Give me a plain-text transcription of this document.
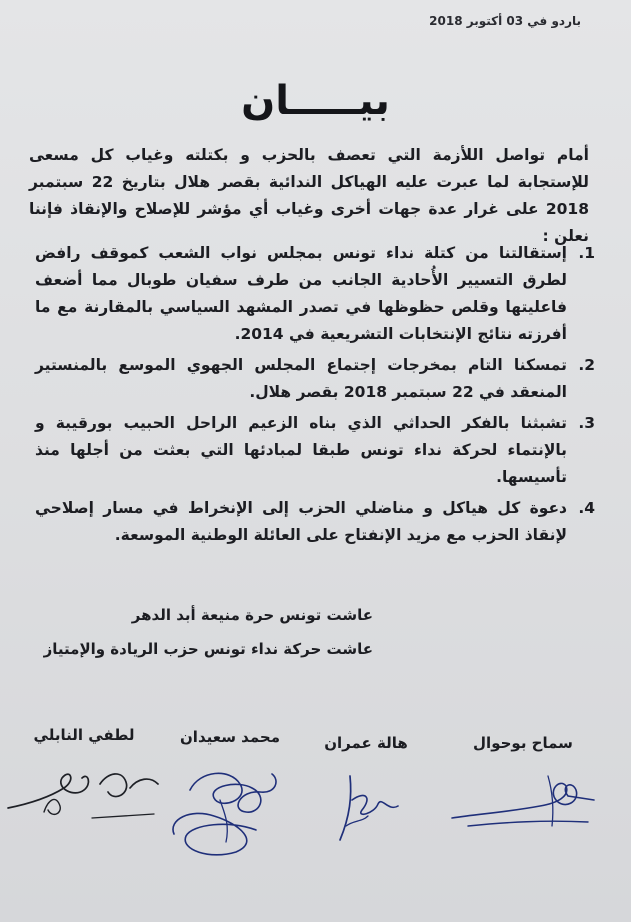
باردو في 03 أكتوبر 2018
بيـــــان

أمام تواصل اللأزمة التي تعصف بالحزب و بكتلته وغياب كل مسعى للإستجابة لما عبرت عليه الهياكل الندائية بقصر هلال بتاريخ 22 سبتمبر 2018 على غرار عدة جهات أخرى وغياب أي مؤشر للإصلاح والإنقاذ فإننا نعلن :

1.
إستقالتنا من كتلة نداء تونس بمجلس نواب الشعب كموقف رافض لطرق التسيير الأُحادية الجانب من طرف سفيان طوبال مما أضعف فاعليتها وقلص حظوظها في تصدر المشهد السياسي بالمقارنة مع ما أفرزته نتائج الإنتخابات التشريعية في 2014.
2.
تمسكنا التام بمخرجات إجتماع المجلس الجهوي الموسع بالمنستير المنعقد في 22 سبتمبر 2018 بقصر هلال.
3.
تشبثنا بالفكر الحداثي الذي بناه الزعيم الراحل الحبيب بورقيبة و بالإنتماء لحركة نداء تونس طبقا لمبادئها التي بعثت من أجلها منذ تأسيسها.
4.
دعوة كل هياكل و مناضلي الحزب إلى الإنخراط في مسار إصلاحي لإنقاذ الحزب مع مزيد الإنفتاح على العائلة الوطنية الموسعة.
عاشت تونس حرة منيعة أبد الدهر
عاشت حركة نداء تونس حزب الريادة والإمتياز
سماح بوحوال
هالة عمران
محمد سعيدان
لطفي النابلي
